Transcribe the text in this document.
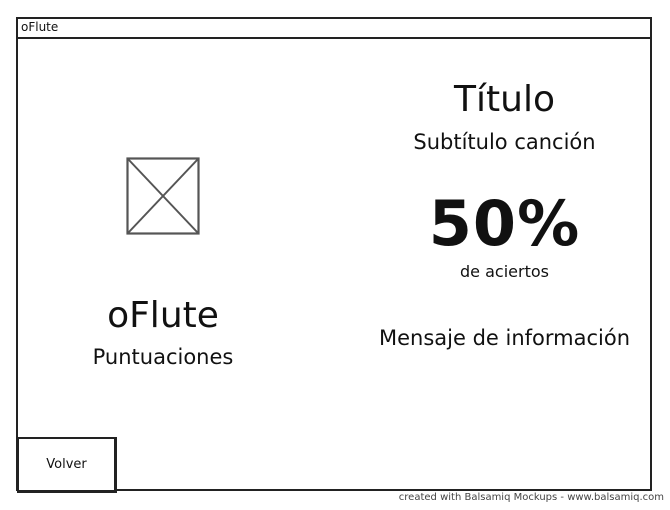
oFlute
oFlute
Puntuaciones
Título
Subtítulo canción
50%
de aciertos
Mensaje de información
Volver
created with Balsamiq Mockups - www.balsamiq.com
